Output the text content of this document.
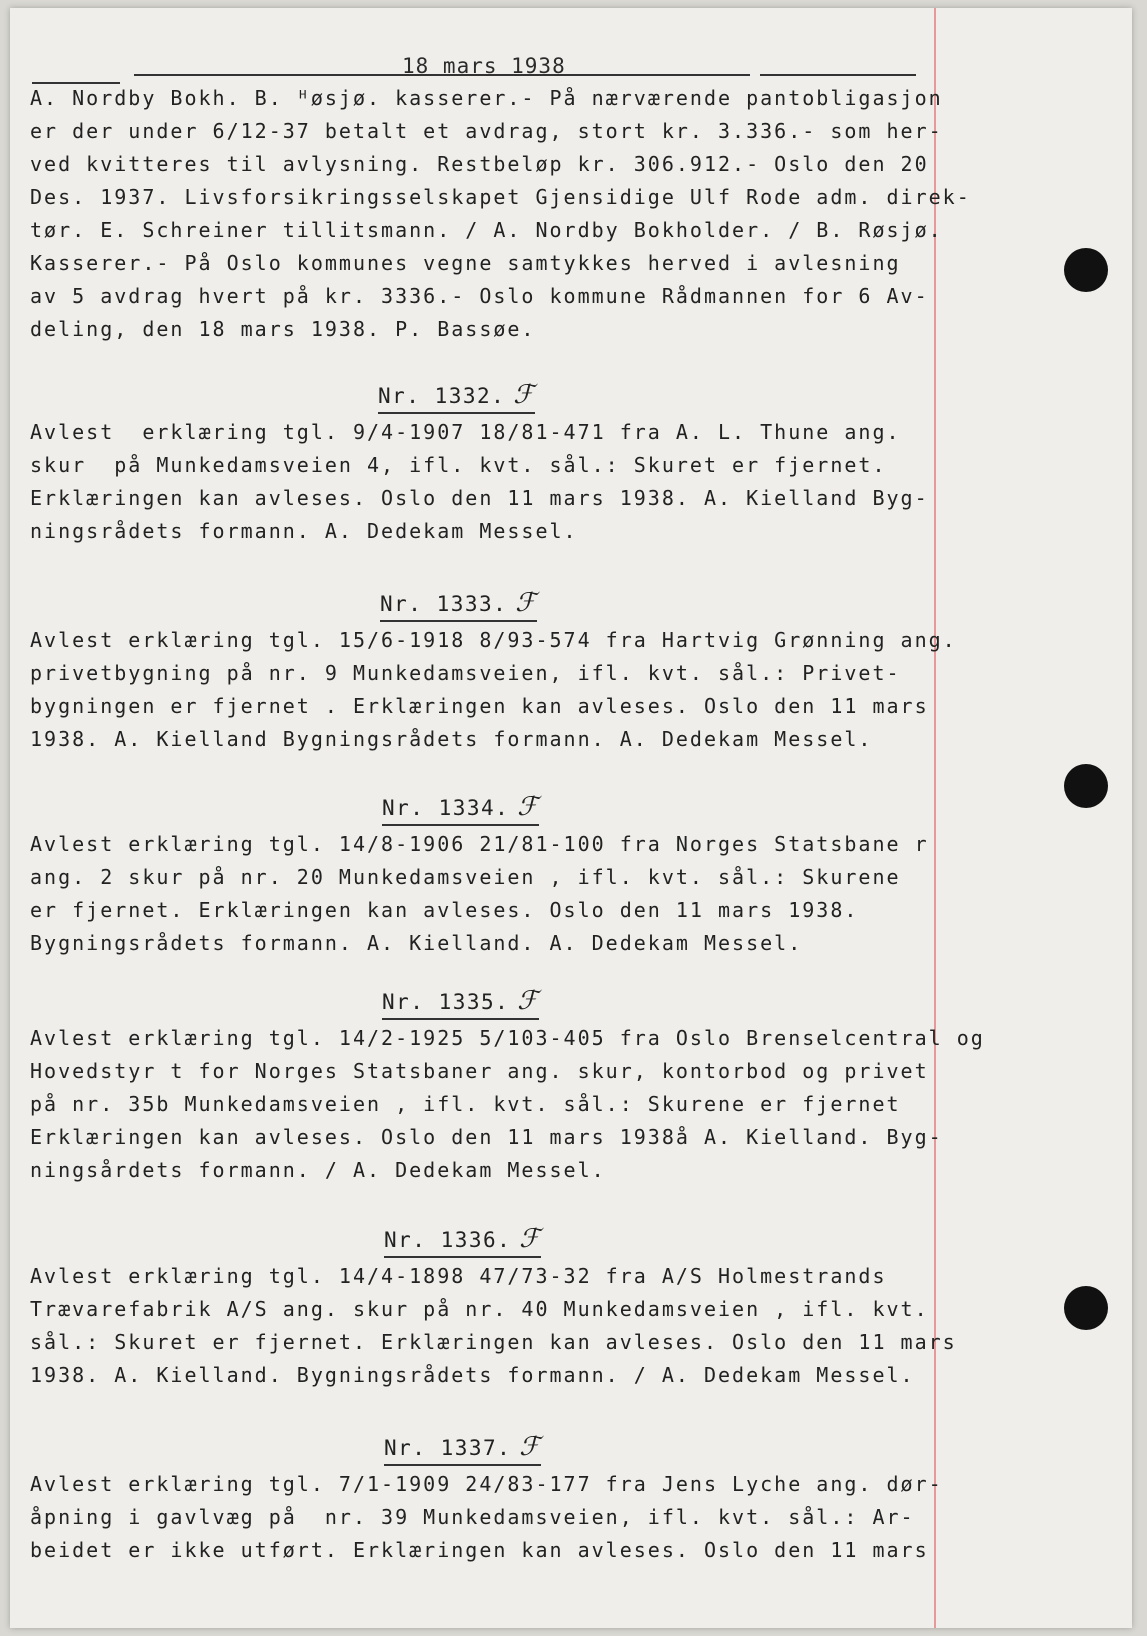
18 mars 1938
A. Nordby Bokh. B. ᴴøsjø. kasserer.- På nærværende pantobligasjon
er der under 6/12-37 betalt et avdrag, stort kr. 3.336.- som her-
ved kvitteres til avlysning. Restbeløp kr. 306.912.- Oslo den 20
Des. 1937. Livsforsikringsselskapet Gjensidige Ulf Rode adm. direk-
tør. E. Schreiner tillitsmann. / A. Nordby Bokholder. / B. Røsjø.
Kasserer.- På Oslo kommunes vegne samtykkes herved i avlesning
av 5 avdrag hvert på kr. 3336.- Oslo kommune Rådmannen for 6 Av-
deling, den 18 mars 1938. P. Bassøe.
Nr. 1332. ℱ
Avlest  erklæring tgl. 9/4-1907 18/81-471 fra A. L. Thune ang.
skur  på Munkedamsveien 4, ifl. kvt. sål.: Skuret er fjernet.
Erklæringen kan avleses. Oslo den 11 mars 1938. A. Kielland Byg-
ningsrådets formann. A. Dedekam Messel.
Nr. 1333. ℱ
Avlest erklæring tgl. 15/6-1918 8/93-574 fra Hartvig Grønning ang.
privetbygning på nr. 9 Munkedamsveien, ifl. kvt. sål.: Privet-
bygningen er fjernet . Erklæringen kan avleses. Oslo den 11 mars
1938. A. Kielland Bygningsrådets formann. A. Dedekam Messel.
Nr. 1334. ℱ
Avlest erklæring tgl. 14/8-1906 21/81-100 fra Norges Statsbane r
ang. 2 skur på nr. 20 Munkedamsveien , ifl. kvt. sål.: Skurene
er fjernet. Erklæringen kan avleses. Oslo den 11 mars 1938.
Bygningsrådets formann. A. Kielland. A. Dedekam Messel.
Nr. 1335. ℱ
Avlest erklæring tgl. 14/2-1925 5/103-405 fra Oslo Brenselcentral og
Hovedstyr t for Norges Statsbaner ang. skur, kontorbod og privet
på nr. 35b Munkedamsveien , ifl. kvt. sål.: Skurene er fjernet
Erklæringen kan avleses. Oslo den 11 mars 1938å A. Kielland. Byg-
ningsårdets formann. / A. Dedekam Messel.
Nr. 1336. ℱ
Avlest erklæring tgl. 14/4-1898 47/73-32 fra A/S Holmestrands
Trævarefabrik A/S ang. skur på nr. 40 Munkedamsveien , ifl. kvt.
sål.: Skuret er fjernet. Erklæringen kan avleses. Oslo den 11 mars
1938. A. Kielland. Bygningsrådets formann. / A. Dedekam Messel.
Nr. 1337. ℱ
Avlest erklæring tgl. 7/1-1909 24/83-177 fra Jens Lyche ang. dør-
åpning i gavlvæg på  nr. 39 Munkedamsveien, ifl. kvt. sål.: Ar-
beidet er ikke utført. Erklæringen kan avleses. Oslo den 11 mars
